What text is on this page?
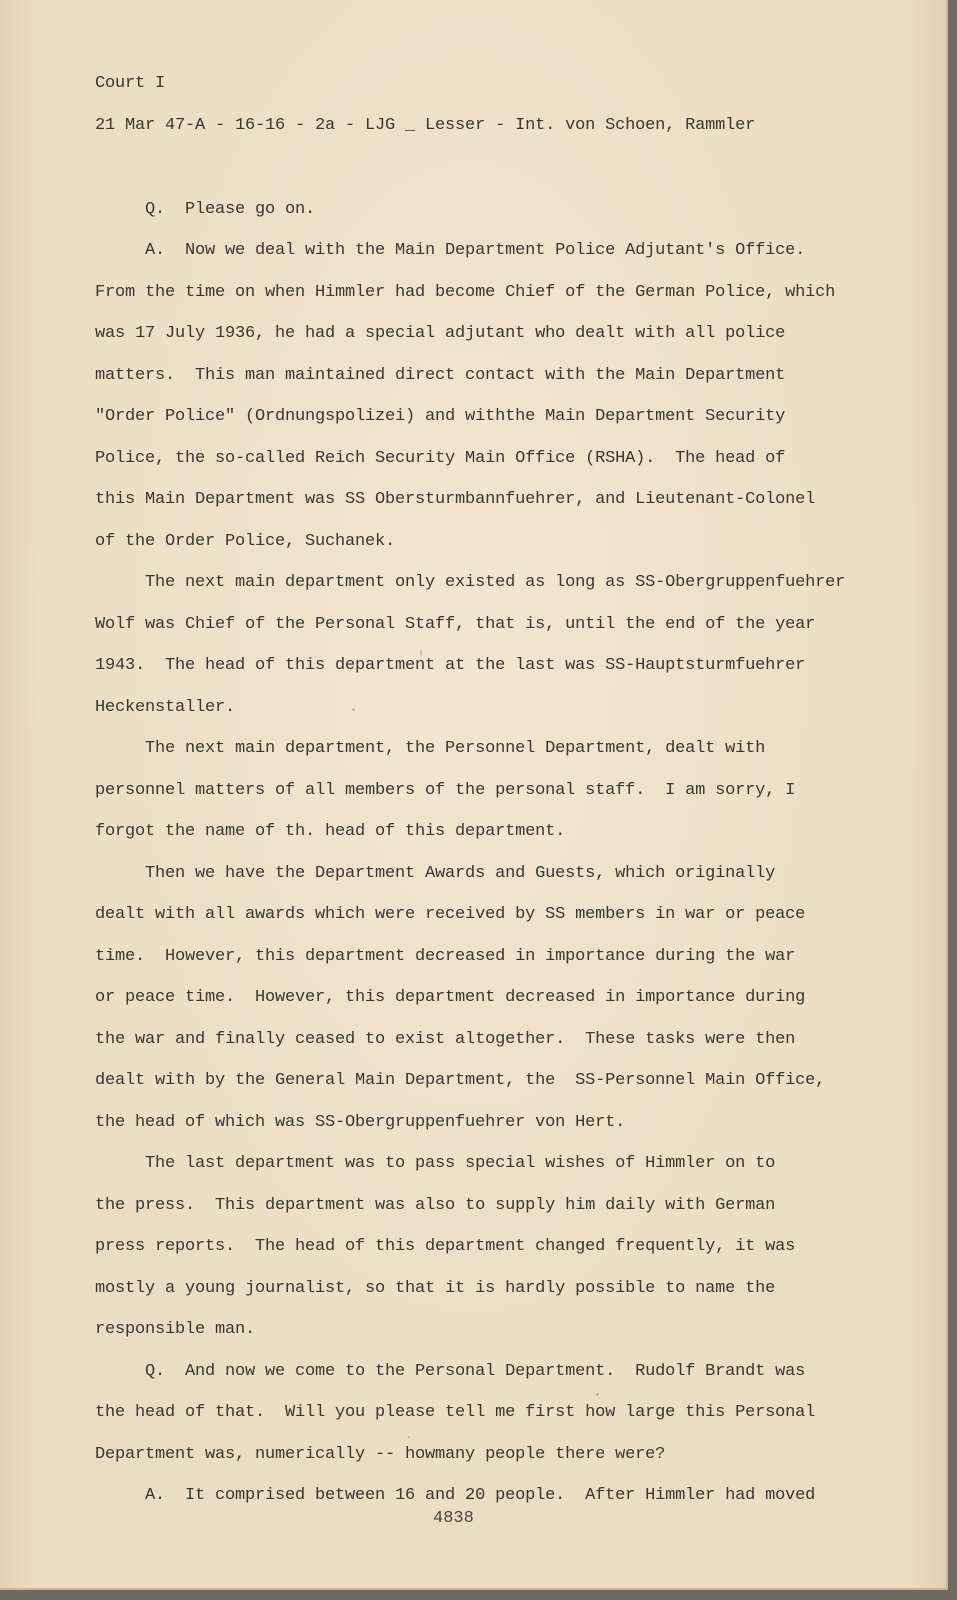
Court I
21 Mar 47-A - 16-16 - 2a - LJG _ Lesser - Int. von Schoen, Rammler
Q.  Please go on.
A.  Now we deal with the Main Department Police Adjutant's Office.
From the time on when Himmler had become Chief of the German Police, which
was 17 July 1936, he had a special adjutant who dealt with all police
matters.  This man maintained direct contact with the Main Department
"Order Police" (Ordnungspolizei) and withthe Main Department Security
Police, the so-called Reich Security Main Office (RSHA).  The head of
this Main Department was SS Obersturmbannfuehrer, and Lieutenant-Colonel
of the Order Police, Suchanek.
The next main department only existed as long as SS-Obergruppenfuehrer
Wolf was Chief of the Personal Staff, that is, until the end of the year
1943.  The head of this department at the last was SS-Hauptsturmfuehrer
Heckenstaller.
The next main department, the Personnel Department, dealt with
personnel matters of all members of the personal staff.  I am sorry, I
forgot the name of th. head of this department.
Then we have the Department Awards and Guests, which originally
dealt with all awards which were received by SS members in war or peace
time.  However, this department decreased in importance during the war
or peace time.  However, this department decreased in importance during
the war and finally ceased to exist altogether.  These tasks were then
dealt with by the General Main Department, the  SS-Personnel Main Office,
the head of which was SS-Obergruppenfuehrer von Hert.
The last department was to pass special wishes of Himmler on to
the press.  This department was also to supply him daily with German
press reports.  The head of this department changed frequently, it was
mostly a young journalist, so that it is hardly possible to name the
responsible man.
Q.  And now we come to the Personal Department.  Rudolf Brandt was
the head of that.  Will you please tell me first how large this Personal
Department was, numerically -- howmany people there were?
A.  It comprised between 16 and 20 people.  After Himmler had moved
4838
